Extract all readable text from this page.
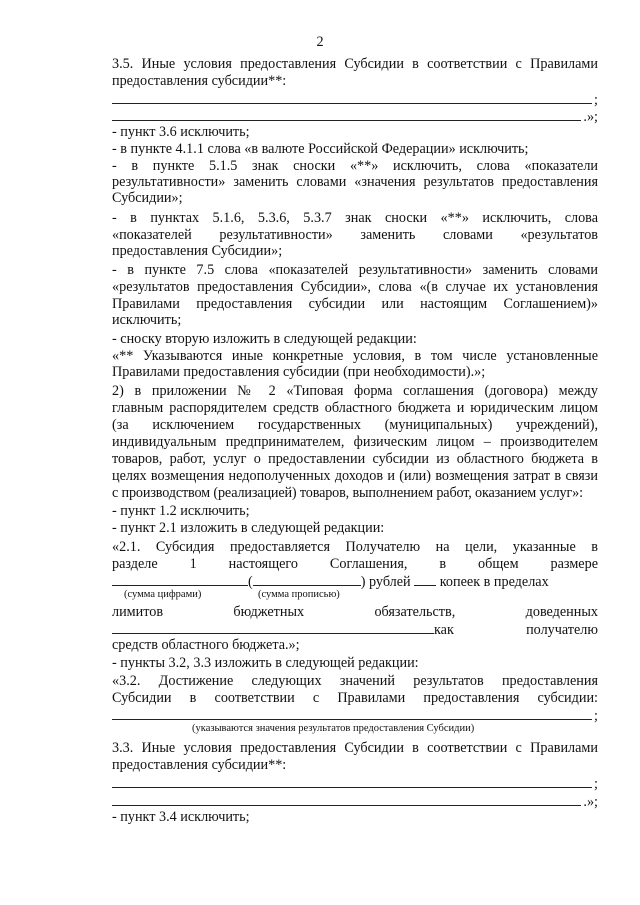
2
3.5. Иные условия предоставления Субсидии в соответствии с Правилами
предоставления субсидии**:
;
.»;
- пункт 3.6 исключить;
- в пункте 4.1.1 слова «в валюте Российской Федерации» исключить;
- в пункте 5.1.5 знак сноски «**» исключить, слова «показатели
результативности» заменить словами «значения результатов предоставления
Субсидии»;
- в пунктах 5.1.6, 5.3.6, 5.3.7 знак сноски «**» исключить, слова
«показателей результативности» заменить словами «результатов
предоставления Субсидии»;
- в пункте 7.5 слова «показателей результативности» заменить словами
«результатов предоставления Субсидии», слова «(в случае их установления
Правилами предоставления субсидии или настоящим Соглашением)»
исключить;
- сноску вторую изложить в следующей редакции:
«** Указываются иные конкретные условия, в том числе установленные
Правилами предоставления субсидии (при необходимости).»;
2) в приложении № 2 «Типовая форма соглашения (договора) между
главным распорядителем средств областного бюджета и юридическим лицом
(за исключением государственных (муниципальных) учреждений),
индивидуальным предпринимателем, физическим лицом – производителем
товаров, работ, услуг о предоставлении субсидии из областного бюджета в
целях возмещения недополученных доходов и (или) возмещения затрат в связи
с производством (реализацией) товаров, выполнением работ, оказанием услуг»:
- пункт 1.2 исключить;
- пункт 2.1 изложить в следующей редакции:
«2.1. Субсидия предоставляется Получателю на цели, указанные в
разделе 1 настоящего Соглашения, в общем размере
(	) рублей копеек в пределах
(сумма цифрами)	(сумма прописью)
лимитов бюджетных обязательств, доведенных
как получателю
средств областного бюджета.»;
- пункты 3.2, 3.3 изложить в следующей редакции:
«3.2. Достижение следующих значений результатов предоставления
Субсидии в соответствии с Правилами предоставления субсидии:
;
(указываются значения результатов предоставления Субсидии)
3.3. Иные условия предоставления Субсидии в соответствии с Правилами
предоставления субсидии**:
;
.»;
- пункт 3.4 исключить;
